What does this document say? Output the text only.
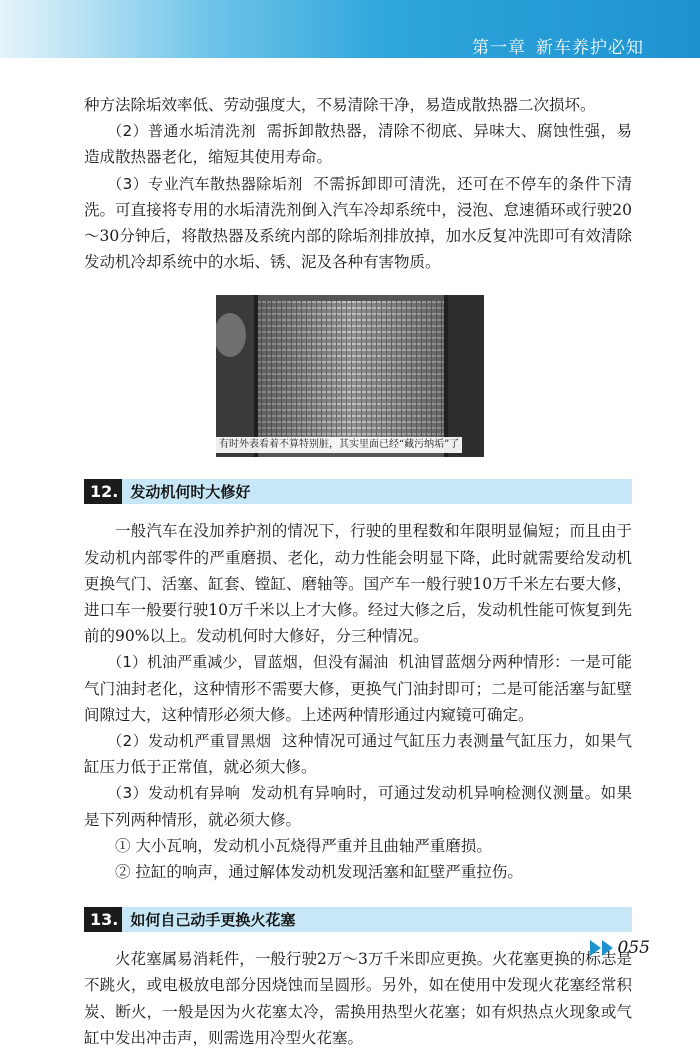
第一章 新车养护必知

种方法除垢效率低、劳动强度大，不易清除干净，易造成散热器二次损坏。

（2）普通水垢清洗剂 需拆卸散热器，清除不彻底、异味大、腐蚀性强，易造成散热器老化，缩短其使用寿命。

（3）专业汽车散热器除垢剂 不需拆卸即可清洗，还可在不停车的条件下清洗。可直接将专用的水垢清洗剂倒入汽车冷却系统中，浸泡、怠速循环或行驶20～30分钟后，将散热器及系统内部的除垢剂排放掉，加水反复冲洗即可有效清除发动机冷却系统中的水垢、锈、泥及各种有害物质。

有时外表看着不算特别脏，其实里面已经“藏污纳垢”了
12. 发动机何时大修好

一般汽车在没加养护剂的情况下，行驶的里程数和年限明显偏短；而且由于发动机内部零件的严重磨损、老化，动力性能会明显下降，此时就需要给发动机更换气门、活塞、缸套、镗缸、磨轴等。国产车一般行驶10万千米左右要大修，进口车一般要行驶10万千米以上才大修。经过大修之后，发动机性能可恢复到先前的90%以上。发动机何时大修好，分三种情况。

（1）机油严重减少，冒蓝烟，但没有漏油 机油冒蓝烟分两种情形：一是可能气门油封老化，这种情形不需要大修，更换气门油封即可；二是可能活塞与缸壁间隙过大，这种情形必须大修。上述两种情形通过内窥镜可确定。

（2）发动机严重冒黑烟 这种情况可通过气缸压力表测量气缸压力，如果气缸压力低于正常值，就必须大修。

（3）发动机有异响 发动机有异响时，可通过发动机异响检测仪测量。如果是下列两种情形，就必须大修。

① 大小瓦响，发动机小瓦烧得严重并且曲轴严重磨损。

② 拉缸的响声，通过解体发动机发现活塞和缸壁严重拉伤。

13. 如何自己动手更换火花塞

火花塞属易消耗件，一般行驶2万～3万千米即应更换。火花塞更换的标志是不跳火，或电极放电部分因烧蚀而呈圆形。另外，如在使用中发现火花塞经常积炭、断火，一般是因为火花塞太冷，需换用热型火花塞；如有炽热点火现象或气缸中发出冲击声，则需选用冷型火花塞。

055
